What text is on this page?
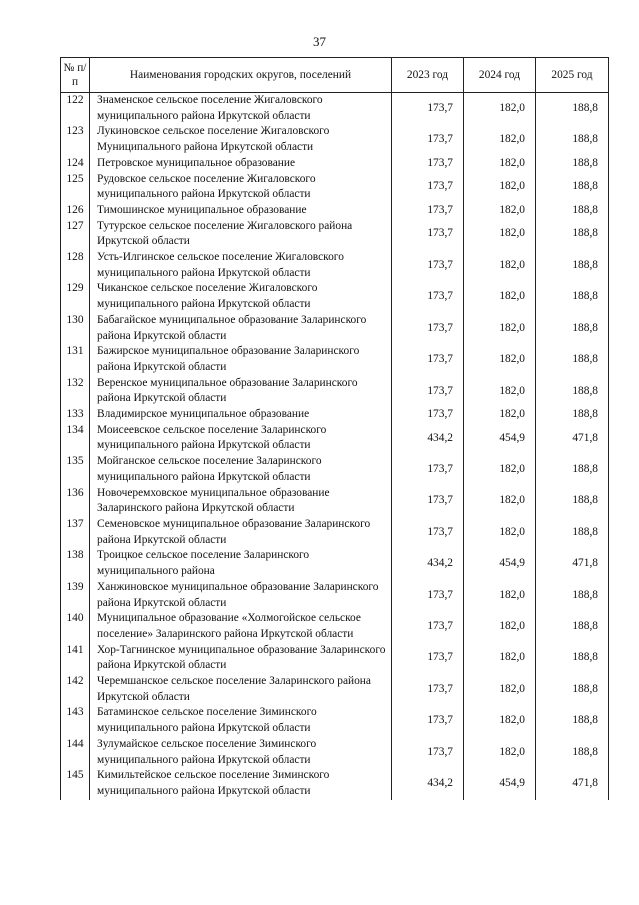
37
№ п/п	Наименования городских округов, поселений	2023 год	2024 год	2025 год
122	Знаменское сельское поселение Жигаловского муниципального района Иркутской области	173,7	182,0	188,8
123	Лукиновское сельское поселение Жигаловского Муниципального района Иркутской области	173,7	182,0	188,8
124	Петровское муниципальное образование	173,7	182,0	188,8
125	Рудовское сельское поселение Жигаловского муниципального района Иркутской области	173,7	182,0	188,8
126	Тимошинское муниципальное образование	173,7	182,0	188,8
127	Тутурское сельское поселение Жигаловского района Иркутской области	173,7	182,0	188,8
128	Усть-Илгинское сельское поселение Жигаловского муниципального района Иркутской области	173,7	182,0	188,8
129	Чиканское сельское поселение Жигаловского муниципального района Иркутской области	173,7	182,0	188,8
130	Бабагайское муниципальное образование Заларинского района Иркутской области	173,7	182,0	188,8
131	Бажирское муниципальное образование Заларинского района Иркутской области	173,7	182,0	188,8
132	Веренское муниципальное образование Заларинского района Иркутской области	173,7	182,0	188,8
133	Владимирское муниципальное образование	173,7	182,0	188,8
134	Моисеевское сельское поселение Заларинского муниципального района Иркутской области	434,2	454,9	471,8
135	Мойганское сельское поселение Заларинского муниципального района Иркутской области	173,7	182,0	188,8
136	Новочеремховское муниципальное образование Заларинского района Иркутской области	173,7	182,0	188,8
137	Семеновское муниципальное образование Заларинского района Иркутской области	173,7	182,0	188,8
138	Троицкое сельское поселение Заларинского муниципального района	434,2	454,9	471,8
139	Ханжиновское муниципальное образование Заларинского района Иркутской области	173,7	182,0	188,8
140	Муниципальное образование «Холмогойское сельское поселение» Заларинского района Иркутской области	173,7	182,0	188,8
141	Хор-Тагнинское муниципальное образование Заларинского района Иркутской области	173,7	182,0	188,8
142	Черемшанское сельское поселение Заларинского района Иркутской области	173,7	182,0	188,8
143	Батаминское сельское поселение Зиминского муниципального района Иркутской области	173,7	182,0	188,8
144	Зулумайское сельское поселение Зиминского муниципального района Иркутской области	173,7	182,0	188,8
145	Кимильтейское сельское поселение Зиминского муниципального района Иркутской области	434,2	454,9	471,8
